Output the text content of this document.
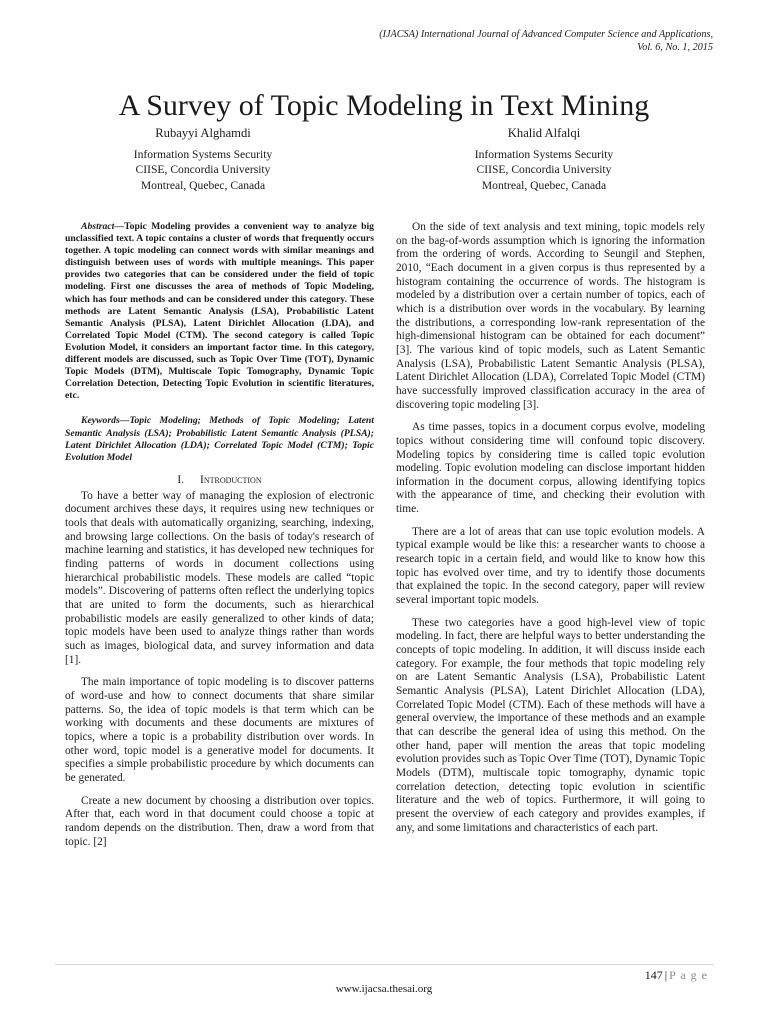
(IJACSA) International Journal of Advanced Computer Science and Applications,
Vol. 6, No. 1, 2015
A Survey of Topic Modeling in Text Mining
Rubayyi Alghamdi
Information Systems Security
CIISE, Concordia University
Montreal, Quebec, Canada
Khalid Alfalqi
Information Systems Security
CIISE, Concordia University
Montreal, Quebec, Canada

Abstract—Topic Modeling provides a convenient way to analyze big unclassified text. A topic contains a cluster of words that frequently occurs together. A topic modeling can connect words with similar meanings and distinguish between uses of words with multiple meanings. This paper provides two categories that can be considered under the field of topic modeling. First one discusses the area of methods of Topic Modeling, which has four methods and can be considered under this category. These methods are Latent Semantic Analysis (LSA), Probabilistic Latent Semantic Analysis (PLSA), Latent Dirichlet Allocation (LDA), and Correlated Topic Model (CTM). The second category is called Topic Evolution Model, it considers an important factor time. In this category, different models are discussed, such as Topic Over Time (TOT), Dynamic Topic Models (DTM), Multiscale Topic Tomography, Dynamic Topic Correlation Detection, Detecting Topic Evolution in scientific literatures, etc.

Keywords—Topic Modeling; Methods of Topic Modeling; Latent Semantic Analysis (LSA); Probabilistic Latent Semantic Analysis (PLSA); Latent Dirichlet Allocation (LDA); Correlated Topic Model (CTM); Topic Evolution Model

I. Introduction

To have a better way of managing the explosion of electronic document archives these days, it requires using new techniques or tools that deals with automatically organizing, searching, indexing, and browsing large collections. On the basis of today's research of machine learning and statistics, it has developed new techniques for finding patterns of words in document collections using hierarchical probabilistic models. These models are called “topic models”. Discovering of patterns often reflect the underlying topics that are united to form the documents, such as hierarchical probabilistic models are easily generalized to other kinds of data; topic models have been used to analyze things rather than words such as images, biological data, and survey information and data [1].

The main importance of topic modeling is to discover patterns of word-use and how to connect documents that share similar patterns. So, the idea of topic models is that term which can be working with documents and these documents are mixtures of topics, where a topic is a probability distribution over words. In other word, topic model is a generative model for documents. It specifies a simple probabilistic procedure by which documents can be generated.

Create a new document by choosing a distribution over topics. After that, each word in that document could choose a topic at random depends on the distribution. Then, draw a word from that topic. [2]

On the side of text analysis and text mining, topic models rely on the bag-of-words assumption which is ignoring the information from the ordering of words. According to Seungil and Stephen, 2010, “Each document in a given corpus is thus represented by a histogram containing the occurrence of words. The histogram is modeled by a distribution over a certain number of topics, each of which is a distribution over words in the vocabulary. By learning the distributions, a corresponding low-rank representation of the high-dimensional histogram can be obtained for each document” [3]. The various kind of topic models, such as Latent Semantic Analysis (LSA), Probabilistic Latent Semantic Analysis (PLSA), Latent Dirichlet Allocation (LDA), Correlated Topic Model (CTM) have successfully improved classification accuracy in the area of discovering topic modeling [3].

As time passes, topics in a document corpus evolve, modeling topics without considering time will confound topic discovery. Modeling topics by considering time is called topic evolution modeling. Topic evolution modeling can disclose important hidden information in the document corpus, allowing identifying topics with the appearance of time, and checking their evolution with time.

There are a lot of areas that can use topic evolution models. A typical example would be like this: a researcher wants to choose a research topic in a certain field, and would like to know how this topic has evolved over time, and try to identify those documents that explained the topic. In the second category, paper will review several important topic models.

These two categories have a good high-level view of topic modeling. In fact, there are helpful ways to better understanding the concepts of topic modeling. In addition, it will discuss inside each category. For example, the four methods that topic modeling rely on are Latent Semantic Analysis (LSA), Probabilistic Latent Semantic Analysis (PLSA), Latent Dirichlet Allocation (LDA), Correlated Topic Model (CTM). Each of these methods will have a general overview, the importance of these methods and an example that can describe the general idea of using this method. On the other hand, paper will mention the areas that topic modeling evolution provides such as Topic Over Time (TOT), Dynamic Topic Models (DTM), multiscale topic tomography, dynamic topic correlation detection, detecting topic evolution in scientific literature and the web of topics. Furthermore, it will going to present the overview of each category and provides examples, if any, and some limitations and characteristics of each part.

147 | P a g e
www.ijacsa.thesai.org
